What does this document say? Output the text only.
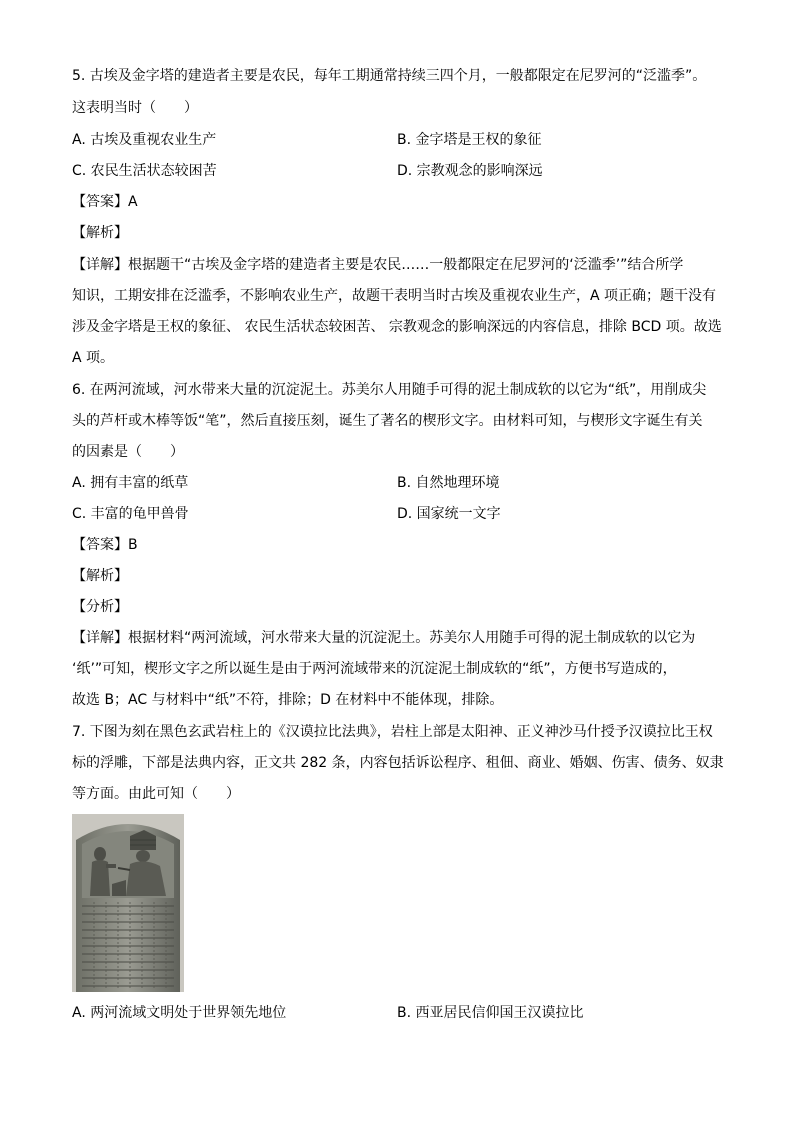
5. 古埃及金字塔的建造者主要是农民，每年工期通常持续三四个月，一般都限定在尼罗河的“泛滥季”。
这表明当时（　　）
A. 古埃及重视农业生产	B. 金字塔是王权的象征
C. 农民生活状态较困苦	D. 宗教观念的影响深远
【答案】A
【解析】
【详解】根据题干“古埃及金字塔的建造者主要是农民……一般都限定在尼罗河的‘泛滥季’”结合所学
知识，工期安排在泛滥季，不影响农业生产，故题干表明当时古埃及重视农业生产，A 项正确；题干没有
涉及金字塔是王权的象征、 农民生活状态较困苦、 宗教观念的影响深远的内容信息，排除 BCD 项。故选
A 项。
6. 在两河流域，河水带来大量的沉淀泥土。苏美尔人用随手可得的泥土制成软的以它为“纸”，用削成尖
头的芦杆或木棒等饭“笔”，然后直接压刻，诞生了著名的楔形文字。由材料可知，与楔形文字诞生有关
的因素是（　　）
A. 拥有丰富的纸草	B. 自然地理环境
C. 丰富的龟甲兽骨	D. 国家统一文字
【答案】B
【解析】
【分析】
【详解】根据材料“两河流域，河水带来大量的沉淀泥土。苏美尔人用随手可得的泥土制成软的以它为
‘纸’”可知，楔形文字之所以诞生是由于两河流域带来的沉淀泥土制成软的“纸”，方便书写造成的，
故选 B；AC 与材料中“纸”不符，排除；D 在材料中不能体现，排除。
7. 下图为刻在黑色玄武岩柱上的《汉谟拉比法典》，岩柱上部是太阳神、正义神沙马什授予汉谟拉比王权
标的浮雕，下部是法典内容，正文共 282 条，内容包括诉讼程序、租佃、商业、婚姻、伤害、债务、奴隶
等方面。由此可知（　　）
A. 两河流域文明处于世界领先地位	B. 西亚居民信仰国王汉谟拉比
